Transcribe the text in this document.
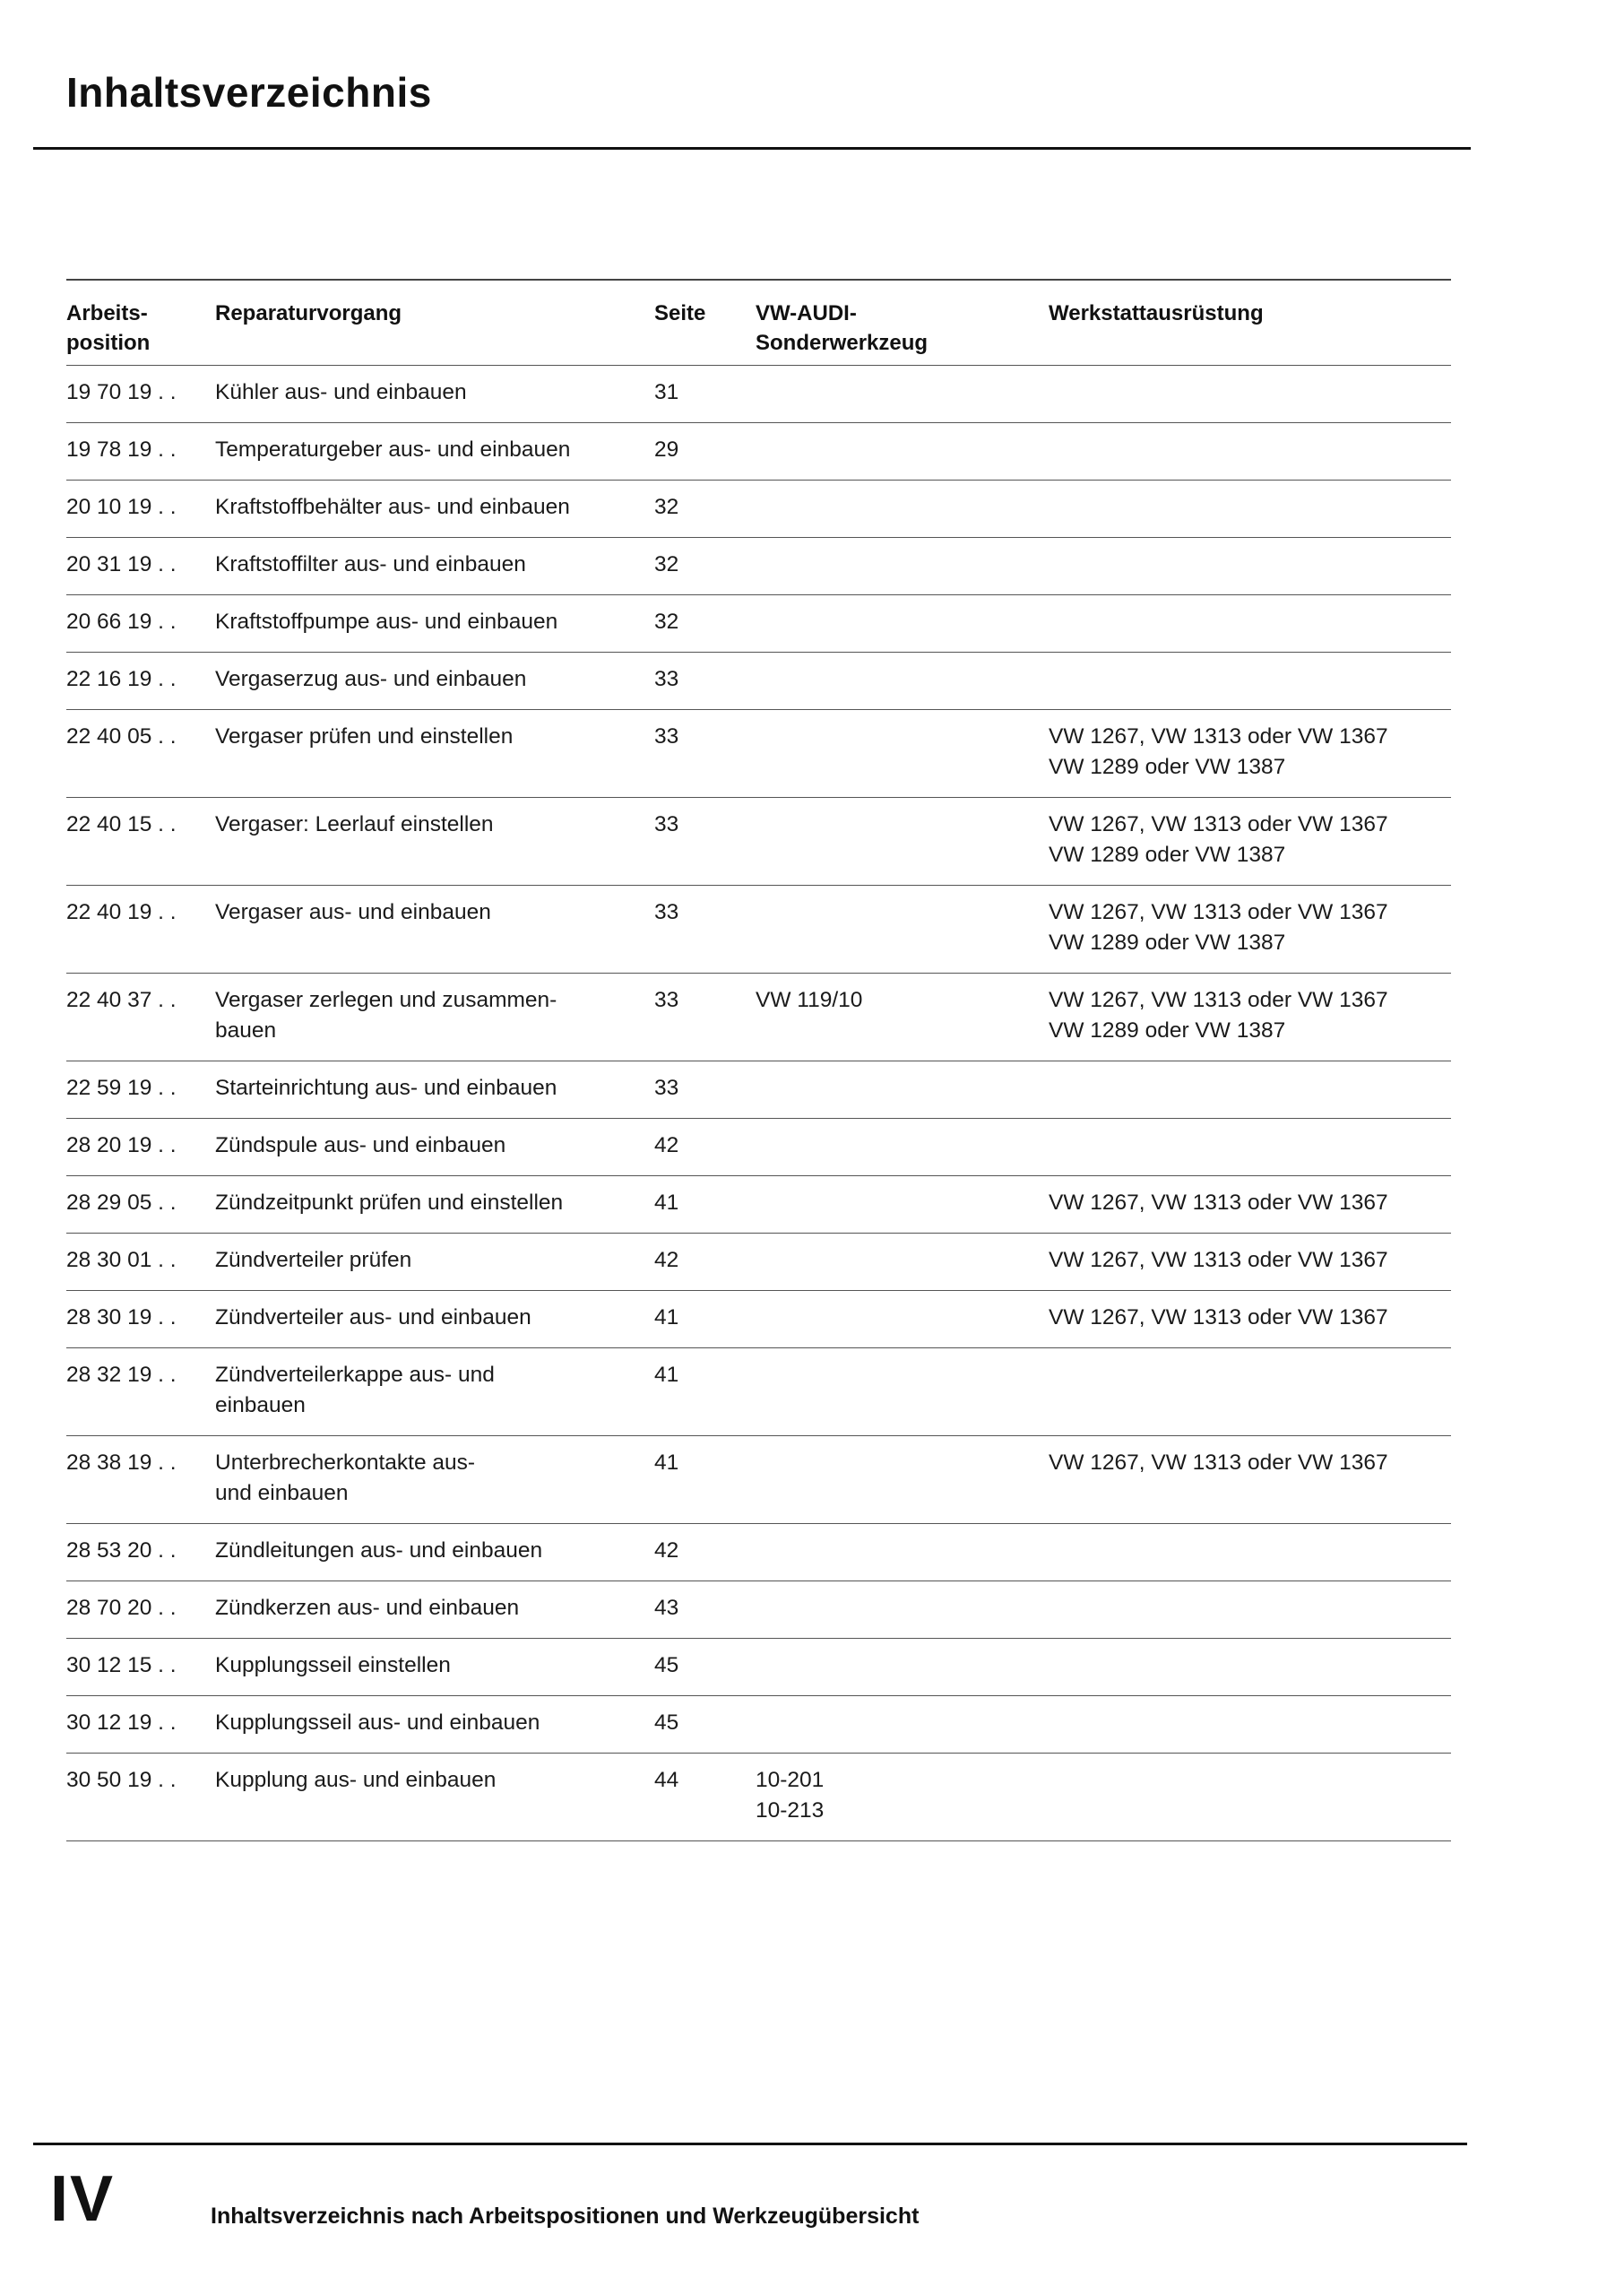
Inhaltsverzeichnis
Arbeits-
position	Reparaturvorgang	Seite	VW-AUDI-
Sonderwerkzeug	Werkstattausrüstung
19 70 19 . .	Kühler aus- und einbauen	31		
19 78 19 . .	Temperaturgeber aus- und einbauen	29		
20 10 19 . .	Kraftstoffbehälter aus- und einbauen	32		
20 31 19 . .	Kraftstoffilter aus- und einbauen	32		
20 66 19 . .	Kraftstoffpumpe aus- und einbauen	32		
22 16 19 . .	Vergaserzug aus- und einbauen	33		
22 40 05 . .	Vergaser prüfen und einstellen	33		VW 1267, VW 1313 oder VW 1367
VW 1289 oder VW 1387
22 40 15 . .	Vergaser: Leerlauf einstellen	33		VW 1267, VW 1313 oder VW 1367
VW 1289 oder VW 1387
22 40 19 . .	Vergaser aus- und einbauen	33		VW 1267, VW 1313 oder VW 1367
VW 1289 oder VW 1387
22 40 37 . .	Vergaser zerlegen und zusammen-
bauen	33	VW 119/10	VW 1267, VW 1313 oder VW 1367
VW 1289 oder VW 1387
22 59 19 . .	Starteinrichtung aus- und einbauen	33		
28 20 19 . .	Zündspule aus- und einbauen	42		
28 29 05 . .	Zündzeitpunkt prüfen und einstellen	41		VW 1267, VW 1313 oder VW 1367
28 30 01 . .	Zündverteiler prüfen	42		VW 1267, VW 1313 oder VW 1367
28 30 19 . .	Zündverteiler aus- und einbauen	41		VW 1267, VW 1313 oder VW 1367
28 32 19 . .	Zündverteilerkappe aus- und
einbauen	41		
28 38 19 . .	Unterbrecherkontakte aus-
und einbauen	41		VW 1267, VW 1313 oder VW 1367
28 53 20 . .	Zündleitungen aus- und einbauen	42		
28 70 20 . .	Zündkerzen aus- und einbauen	43		
30 12 15 . .	Kupplungsseil einstellen	45		
30 12 19 . .	Kupplungsseil aus- und einbauen	45		
30 50 19 . .	Kupplung aus- und einbauen	44	10-201
10-213	
IV	Inhaltsverzeichnis nach Arbeitspositionen und Werkzeugübersicht
